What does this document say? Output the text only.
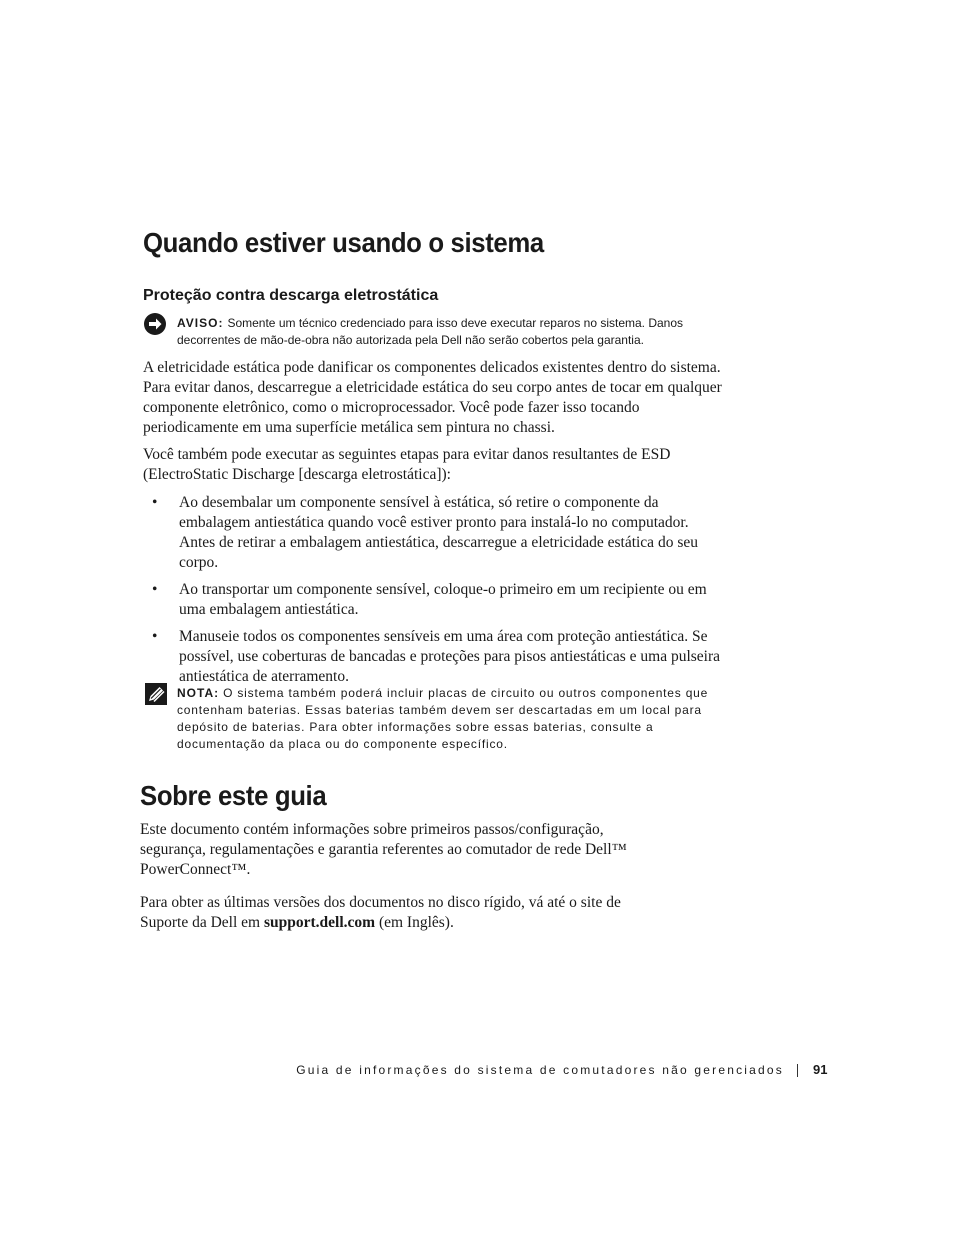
Quando estiver usando o sistema
Proteção contra descarga eletrostática

AVISO: Somente um técnico credenciado para isso deve executar reparos no sistema. Danos decorrentes de mão-de-obra não autorizada pela Dell não serão cobertos pela garantia.

A eletricidade estática pode danificar os componentes delicados existentes dentro do sistema. Para evitar danos, descarregue a eletricidade estática do seu corpo antes de tocar em qualquer componente eletrônico, como o microprocessador. Você pode fazer isso tocando periodicamente em uma superfície metálica sem pintura no chassi.

Você também pode executar as seguintes etapas para evitar danos resultantes de ESD (ElectroStatic Discharge [descarga eletrostática]):

• Ao desembalar um componente sensível à estática, só retire o componente da embalagem antiestática quando você estiver pronto para instalá-lo no computador. Antes de retirar a embalagem antiestática, descarregue a eletricidade estática do seu corpo.
• Ao transportar um componente sensível, coloque-o primeiro em um recipiente ou em uma embalagem antiestática.
• Manuseie todos os componentes sensíveis em uma área com proteção antiestática. Se possível, use coberturas de bancadas e proteções para pisos antiestáticas e uma pulseira antiestática de aterramento.

NOTA: O sistema também poderá incluir placas de circuito ou outros componentes que contenham baterias. Essas baterias também devem ser descartadas em um local para depósito de baterias. Para obter informações sobre essas baterias, consulte a documentação da placa ou do componente específico.

Sobre este guia

Este documento contém informações sobre primeiros passos/configuração, segurança, regulamentações e garantia referentes ao comutador de rede Dell™ PowerConnect™.

Para obter as últimas versões dos documentos no disco rígido, vá até o site de Suporte da Dell em support.dell.com (em Inglês).

Guia de informações do sistema de comutadores não gerenciados 91
